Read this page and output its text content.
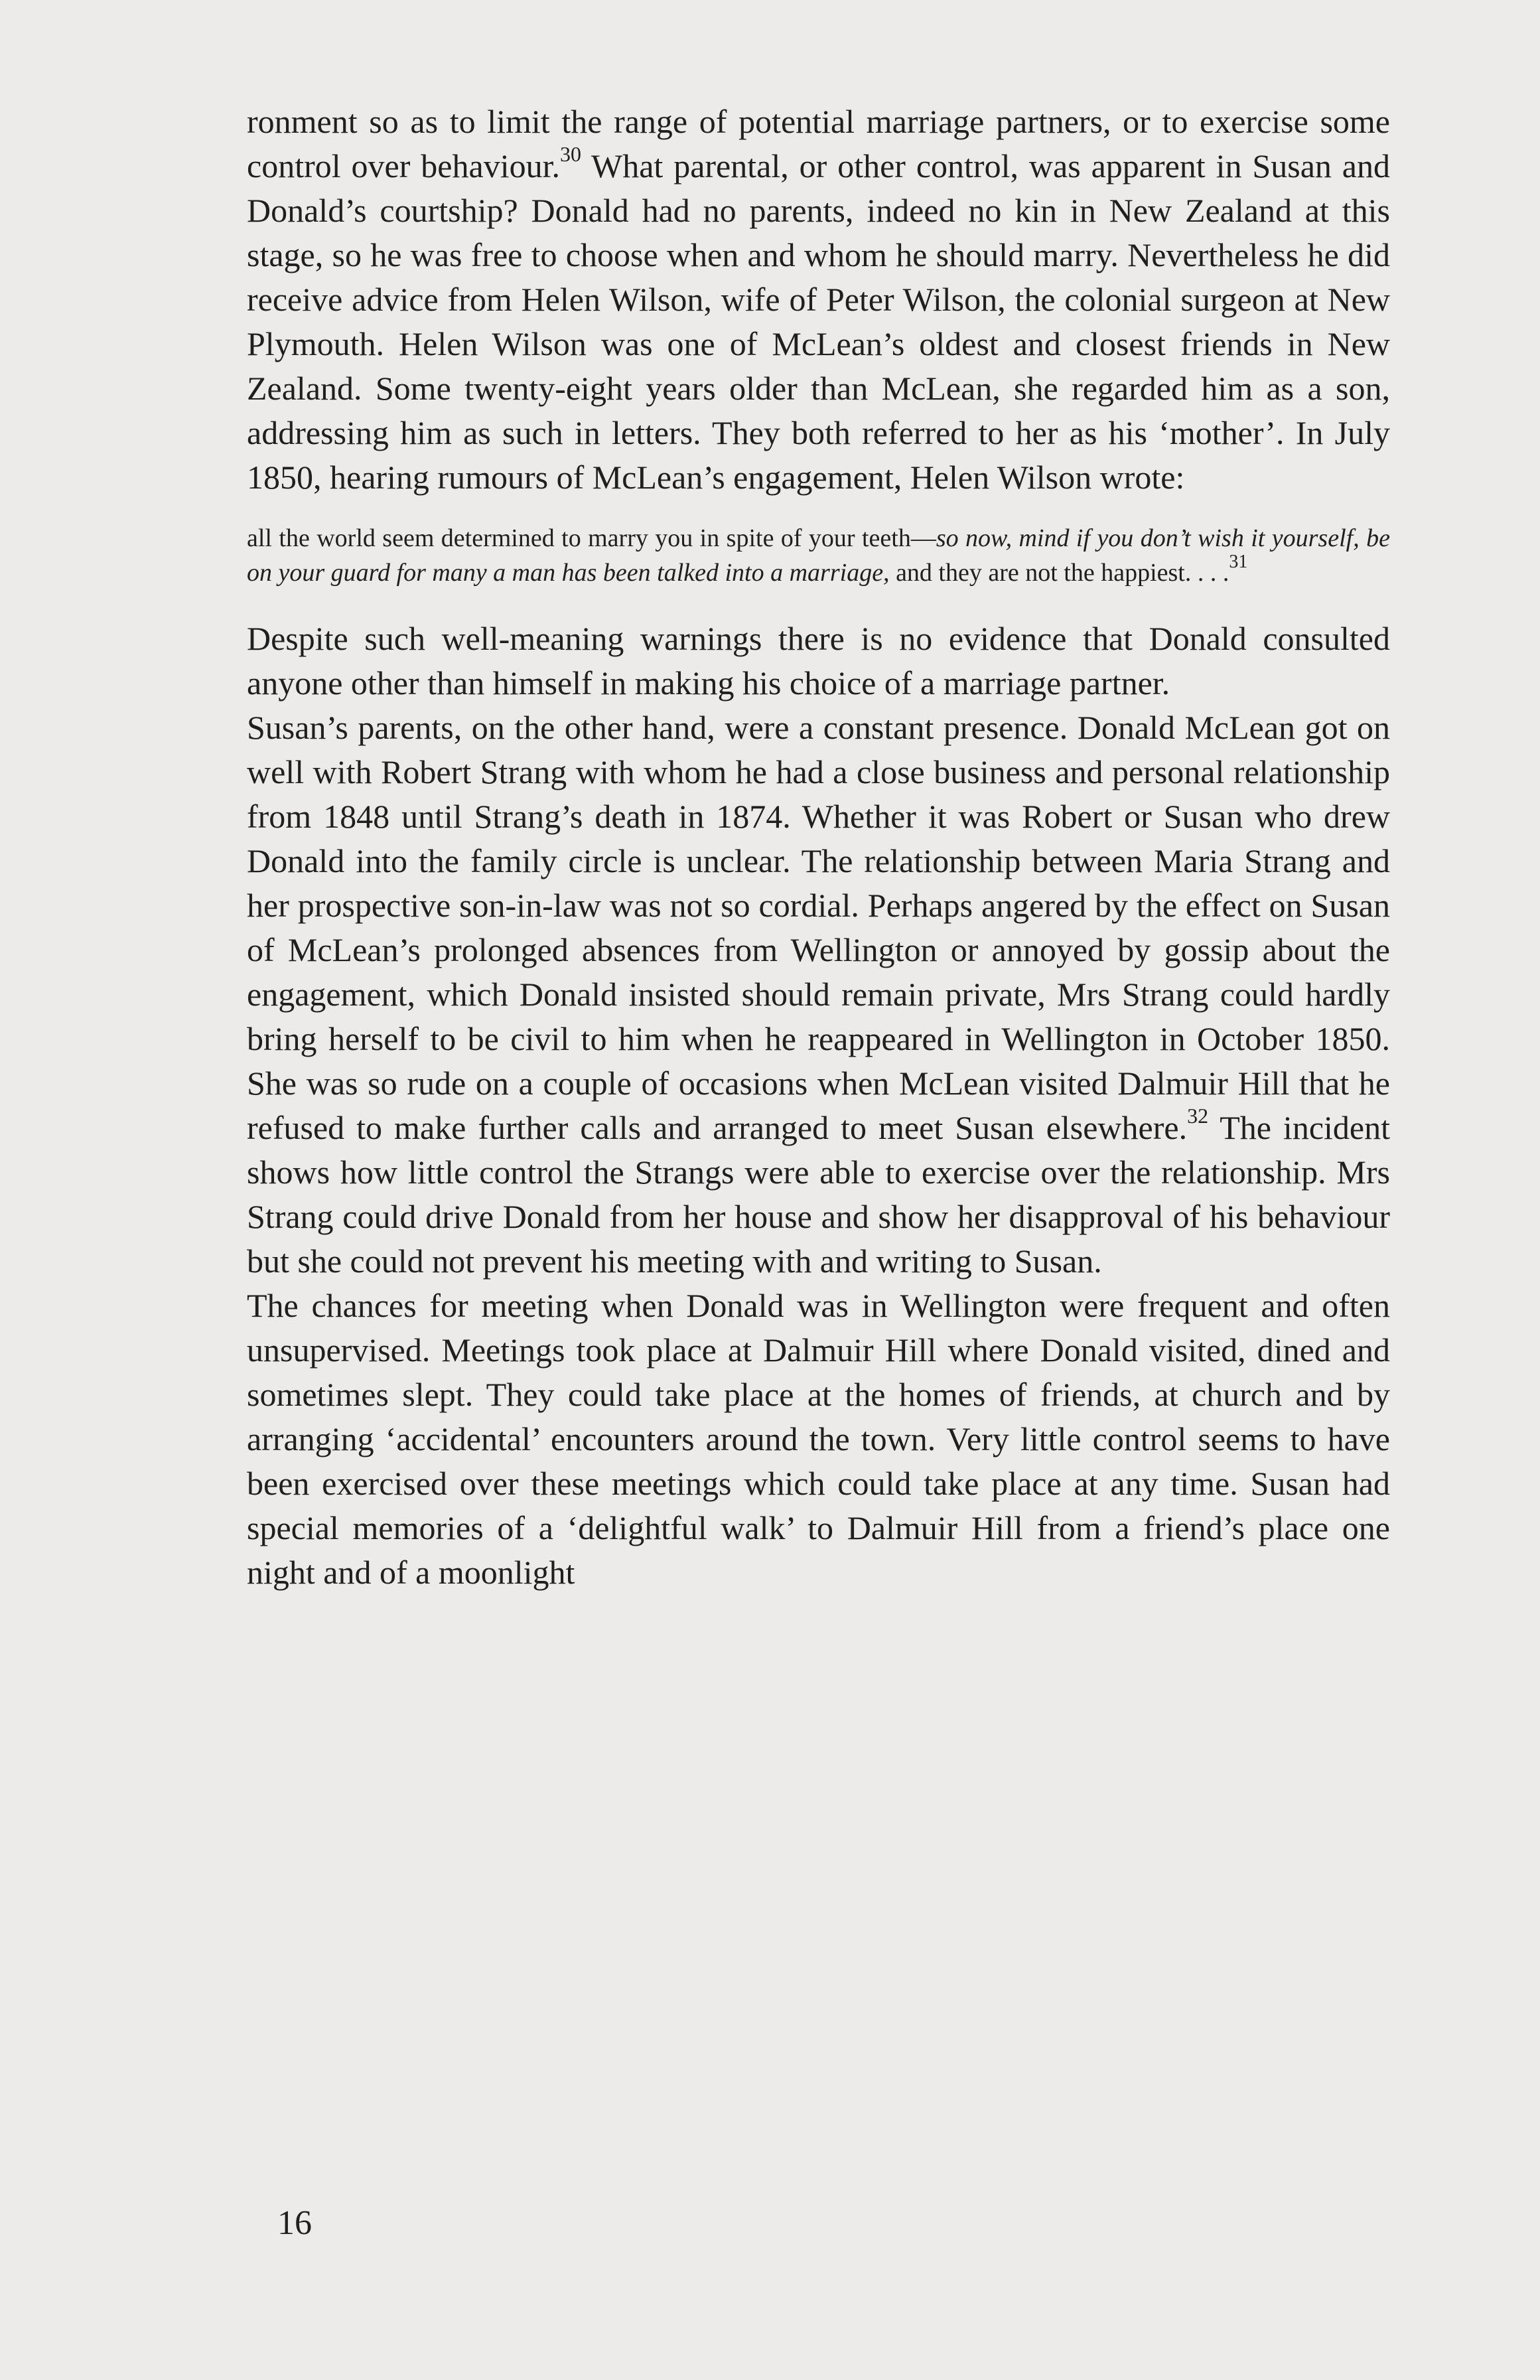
ronment so as to limit the range of potential marriage partners, or to exercise some control over behaviour.$^{30}$ What parental, or other control, was apparent in Susan and Donald’s courtship? Donald had no parents, indeed no kin in New Zealand at this stage, so he was free to choose when and whom he should marry. Nevertheless he did receive advice from Helen Wilson, wife of Peter Wilson, the colonial surgeon at New Plymouth. Helen Wilson was one of McLean’s oldest and closest friends in New Zealand. Some twenty-eight years older than McLean, she regarded him as a son, addressing him as such in letters. They both referred to her as his ‘mother’. In July 1850, hearing rumours of McLean’s engagement, Helen Wilson wrote:

all the world seem determined to marry you in spite of your teeth—so now, mind if you don’t wish it yourself, be on your guard for many a man has been talked into a marriage, and they are not the happiest. . . .$^{31}$

Despite such well-meaning warnings there is no evidence that Donald consulted anyone other than himself in making his choice of a marriage partner.

Susan’s parents, on the other hand, were a constant presence. Donald McLean got on well with Robert Strang with whom he had a close business and personal relationship from 1848 until Strang’s death in 1874. Whether it was Robert or Susan who drew Donald into the family circle is unclear. The relationship between Maria Strang and her prospective son-in-law was not so cordial. Perhaps angered by the effect on Susan of McLean’s prolonged absences from Wellington or annoyed by gossip about the engagement, which Donald insisted should remain private, Mrs Strang could hardly bring herself to be civil to him when he reappeared in Wellington in October 1850. She was so rude on a couple of occasions when McLean visited Dalmuir Hill that he refused to make further calls and arranged to meet Susan elsewhere.$^{32}$ The incident shows how little control the Strangs were able to exercise over the relationship. Mrs Strang could drive Donald from her house and show her disapproval of his behaviour but she could not prevent his meeting with and writing to Susan.

The chances for meeting when Donald was in Wellington were frequent and often unsupervised. Meetings took place at Dalmuir Hill where Donald visited, dined and sometimes slept. They could take place at the homes of friends, at church and by arranging ‘accidental’ encounters around the town. Very little control seems to have been exercised over these meetings which could take place at any time. Susan had special memories of a ‘delightful walk’ to Dalmuir Hill from a friend’s place one night and of a moonlight

16
